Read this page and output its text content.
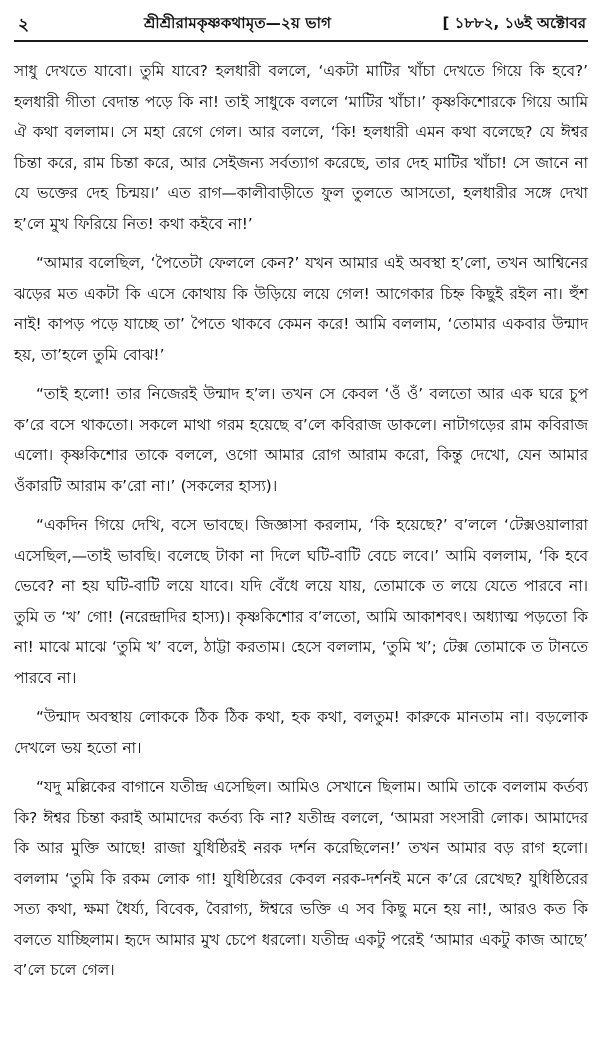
২	শ্রীশ্রীরামকৃষ্ণকথামৃত—২য় ভাগ	[ ১৮৮২, ১৬ই অক্টোবর

সাধু দেখতে যাবো। তুমি যাবে? হলধারী বললে, ‘একটা মাটির খাঁচা দেখতে গিয়ে কি হবে?’ হলধারী গীতা বেদান্ত পড়ে কি না! তাই সাধুকে বললে ‘মাটির খাঁচা।’ কৃষ্ণকিশোরকে গিয়ে আমি ঐ কথা বললাম। সে মহা রেগে গেল। আর বললে, ‘কি! হলধারী এমন কথা বলেছে? যে ঈশ্বর চিন্তা করে, রাম চিন্তা করে, আর সেইজন্য সর্বত্যাগ করেছে, তার দেহ মাটির খাঁচা! সে জানে না যে ভক্তের দেহ চিন্ময়।’ এত রাগ—কালীবাড়ীতে ফুল তুলতে আসতো, হলধারীর সঙ্গে দেখা হ’লে মুখ ফিরিয়ে নিত! কথা কইবে না!’

“আমার বলেছিল, ‘পৈতেটা ফেললে কেন?’ যখন আমার এই অবস্থা হ’লো, তখন আশ্বিনের ঝড়ের মত একটা কি এসে কোথায় কি উড়িয়ে লয়ে গেল! আগেকার চিহ্ন কিছুই রইল না। হুঁশ নাই! কাপড় পড়ে যাচ্ছে তা’ পৈতে থাকবে কেমন করে! আমি বললাম, ‘তোমার একবার উন্মাদ হয়, তা’হলে তুমি বোঝ!’

“তাই হলো! তার নিজেরই উন্মাদ হ’ল। তখন সে কেবল ‘ওঁ ওঁ’ বলতো আর এক ঘরে চুপ ক’রে বসে থাকতো। সকলে মাথা গরম হয়েছে ব’লে কবিরাজ ডাকলে। নাটাগড়ের রাম কবিরাজ এলো। কৃষ্ণকিশোর তাকে বললে, ওগো আমার রোগ আরাম করো, কিন্তু দেখো, যেন আমার ওঁকারটি আরাম ক’রো না।’ (সকলের হাস্য)।

“একদিন গিয়ে দেখি, বসে ভাবছে। জিজ্ঞাসা করলাম, ‘কি হয়েছে?’ ব’ললে ‘টেক্সওয়ালারা এসেছিল,—তাই ভাবছি। বলেছে টাকা না দিলে ঘটি-বাটি বেচে লবে।’ আমি বললাম, ‘কি হবে ভেবে? না হয় ঘটি-বাটি লয়ে যাবে। যদি বেঁধে লয়ে যায়, তোমাকে ত লয়ে যেতে পারবে না। তুমি ত ‘খ’ গো! (নরেন্দ্রাদির হাস্য)। কৃষ্ণকিশোর ব’লতো, আমি আকাশবৎ। অধ্যাত্ম পড়তো কি না! মাঝে মাঝে ‘তুমি খ’ বলে, ঠাট্টা করতাম। হেসে বললাম, ‘তুমি খ’; টেক্স তোমাকে ত টানতে পারবে না।

“উন্মাদ অবস্থায় লোককে ঠিক ঠিক কথা, হক কথা, বলতুম! কারুকে মানতাম না। বড়লোক দেখলে ভয় হতো না।

“যদু মল্লিকের বাগানে যতীন্দ্র এসেছিল। আমিও সেখানে ছিলাম। আমি তাকে বললাম কর্তব্য কি? ঈশ্বর চিন্তা করাই আমাদের কর্তব্য কি না? যতীন্দ্র বললে, ‘আমরা সংসারী লোক। আমাদের কি আর মুক্তি আছে! রাজা যুধিষ্ঠিরই নরক দর্শন করেছিলেন!’ তখন আমার বড় রাগ হলো। বললাম ‘তুমি কি রকম লোক গা! যুধিষ্ঠিরের কেবল নরক-দর্শনই মনে ক’রে রেখেছ? যুধিষ্ঠিরের সত্য কথা, ক্ষমা ধৈর্য্য, বিবেক, বৈরাগ্য, ঈশ্বরে ভক্তি এ সব কিছু মনে হয় না!, আরও কত কি বলতে যাচ্ছিলাম। হৃদে আমার মুখ চেপে ধরলো। যতীন্দ্র একটু পরেই ‘আমার একটু কাজ আছে’ ব’লে চলে গেল।
